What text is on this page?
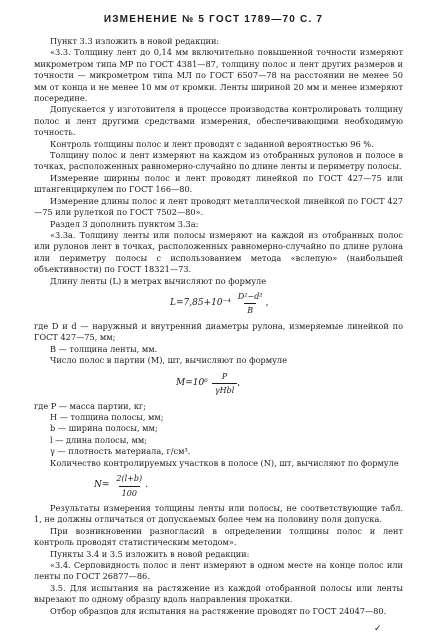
ИЗМЕНЕНИЕ № 5 ГОСТ 1789—70 С. 7

Пункт 3.3 изложить в новой редакции:

«3.3. Толщину лент до 0,14 мм включительно повышенной точности измеряют микрометром типа МР по ГОСТ 4381—87, толщину полос и лент других размеров и точности — микрометром типа МЛ по ГОСТ 6507—78 на расстоянии не менее 50 мм от конца и не менее 10 мм от кромки. Ленты шириной 20 мм и менее измеряют посередине.

Допускается у изготовителя в процессе производства контролировать толщину полос и лент другими средствами измерения, обеспечивающими необходимую точность.

Контроль толщины полос и лент проводят с заданной вероятностью 96 %.

Толщину полос и лент измеряют на каждом из отобранных рулонов и полосе в точках, расположенных равномерно-случайно по длине ленты и периметру полосы.

Измерение ширины полос и лент проводят линейкой по ГОСТ 427—75 или штангенциркулем по ГОСТ 166—80.

Измерение длины полос и лент проводят металлической линейкой по ГОСТ 427—75 или рулеткой по ГОСТ 7502—80».

Раздел 3 дополнить пунктом 3.3а:

«3.3а. Толщину ленты или полосы измеряют на каждой из отобранных полос или рулонов лент в точках, расположенных равномерно-случайно по длине рулона или периметру полосы с использованием метода «вслепую» (наибольшей объективности) по ГОСТ 18321—73.

Длину ленты (L) в метрах вычисляют по формуле

$L=7,85+10^{-4} \frac{\text{D²−d²}}{B}$ ,

где D и d — наружный и внутренний диаметры рулона, измеряемые линейкой по ГОСТ 427—75, мм;

B — толщина ленты, мм.

Число полос в партии (M), шт, вычисляют по формуле

$M=10^6 \frac{P}{\text{γHbl}}$ ,

где P — масса партии, кг;

H — толщина полосы, мм;

b — ширина полосы, мм;

l — длина полосы, мм;

γ — плотность материала, г/см³.

Количество контролируемых участков в полосе (N), шт, вычисляют по формуле

$N= \frac{2(l+b)}{100}$ .

Результаты измерения толщины ленты или полосы, не соответствующие табл. 1, не должны отличаться от допускаемых более чем на половину поля допуска.

При возникновении разногласий в определении толщины полос и лент контроль проводят статистическим методом».

Пункты 3.4 и 3.5 изложить в новой редакции:

«3.4. Серповидность полос и лент измеряют в одном месте на конце полос или ленты по ГОСТ 26877—86.

3.5. Для испытания на растяжение из каждой отобранной полосы или ленты вырезают по одному образцу вдоль направления прокатки.

Отбор образцов для испытания на растяжение проводят по ГОСТ 24047—80.

✓
